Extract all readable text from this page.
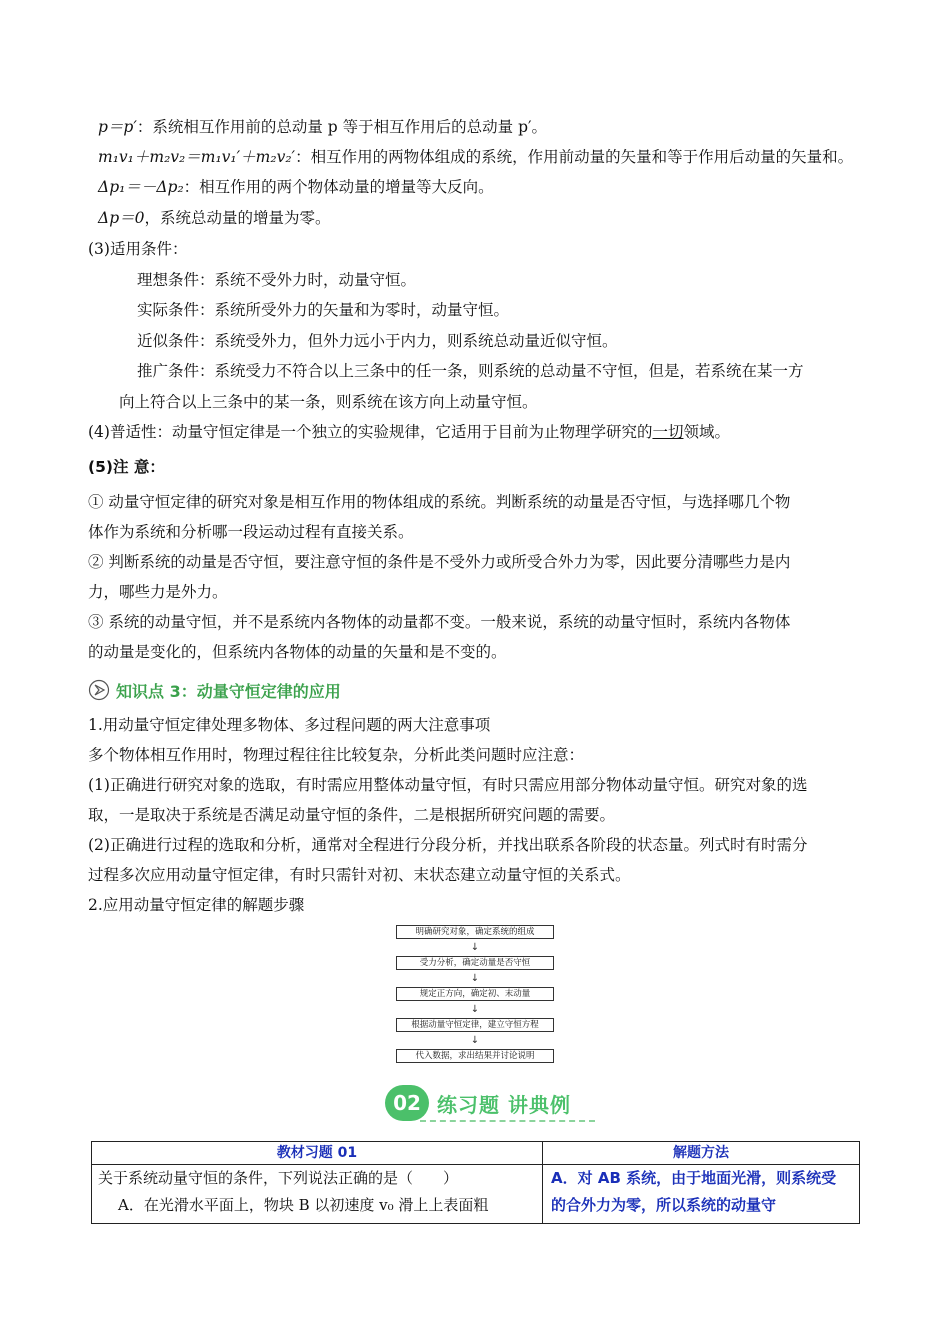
p＝p′：系统相互作用前的总动量 p 等于相互作用后的总动量 p′。
m₁v₁＋m₂v₂＝m₁v₁′＋m₂v₂′：相互作用的两物体组成的系统，作用前动量的矢量和等于作用后动量的矢量和。
Δp₁＝－Δp₂：相互作用的两个物体动量的增量等大反向。
Δp＝0，系统总动量的增量为零。
(3)适用条件：
理想条件：系统不受外力时，动量守恒。
实际条件：系统所受外力的矢量和为零时，动量守恒。
近似条件：系统受外力，但外力远小于内力，则系统总动量近似守恒。
推广条件：系统受力不符合以上三条中的任一条，则系统的总动量不守恒，但是，若系统在某一方
向上符合以上三条中的某一条，则系统在该方向上动量守恒。
(4)普适性：动量守恒定律是一个独立的实验规律，它适用于目前为止物理学研究的一切领域。
(5)注 意：
① 动量守恒定律的研究对象是相互作用的物体组成的系统。判断系统的动量是否守恒，与选择哪几个物
体作为系统和分析哪一段运动过程有直接关系。
② 判断系统的动量是否守恒，要注意守恒的条件是不受外力或所受合外力为零，因此要分清哪些力是内
力，哪些力是外力。
③ 系统的动量守恒，并不是系统内各物体的动量都不变。一般来说，系统的动量守恒时，系统内各物体
的动量是变化的，但系统内各物体的动量的矢量和是不变的。
知识点 3：动量守恒定律的应用
1.用动量守恒定律处理多物体、多过程问题的两大注意事项
多个物体相互作用时，物理过程往往比较复杂，分析此类问题时应注意：
(1)正确进行研究对象的选取，有时需应用整体动量守恒，有时只需应用部分物体动量守恒。研究对象的选
取，一是取决于系统是否满足动量守恒的条件，二是根据所研究问题的需要。
(2)正确进行过程的选取和分析，通常对全程进行分段分析，并找出联系各阶段的状态量。列式时有时需分
过程多次应用动量守恒定律，有时只需针对初、末状态建立动量守恒的关系式。
2.应用动量守恒定律的解题步骤
明确研究对象，确定系统的组成
↓
受力分析，确定动量是否守恒
↓
规定正方向，确定初、末动量
↓
根据动量守恒定律，建立守恒方程
↓
代入数据，求出结果并讨论说明
02 练习题 讲典例
教材习题 01	解题方法

关于系统动量守恒的条件，下列说法正确的是（　　）
A．在光滑水平面上，物块 B 以初速度 v₀ 滑上上表面粗	A．对 AB 系统，由于地面光滑，则系统受的合外力为零，所以系统的动量守
